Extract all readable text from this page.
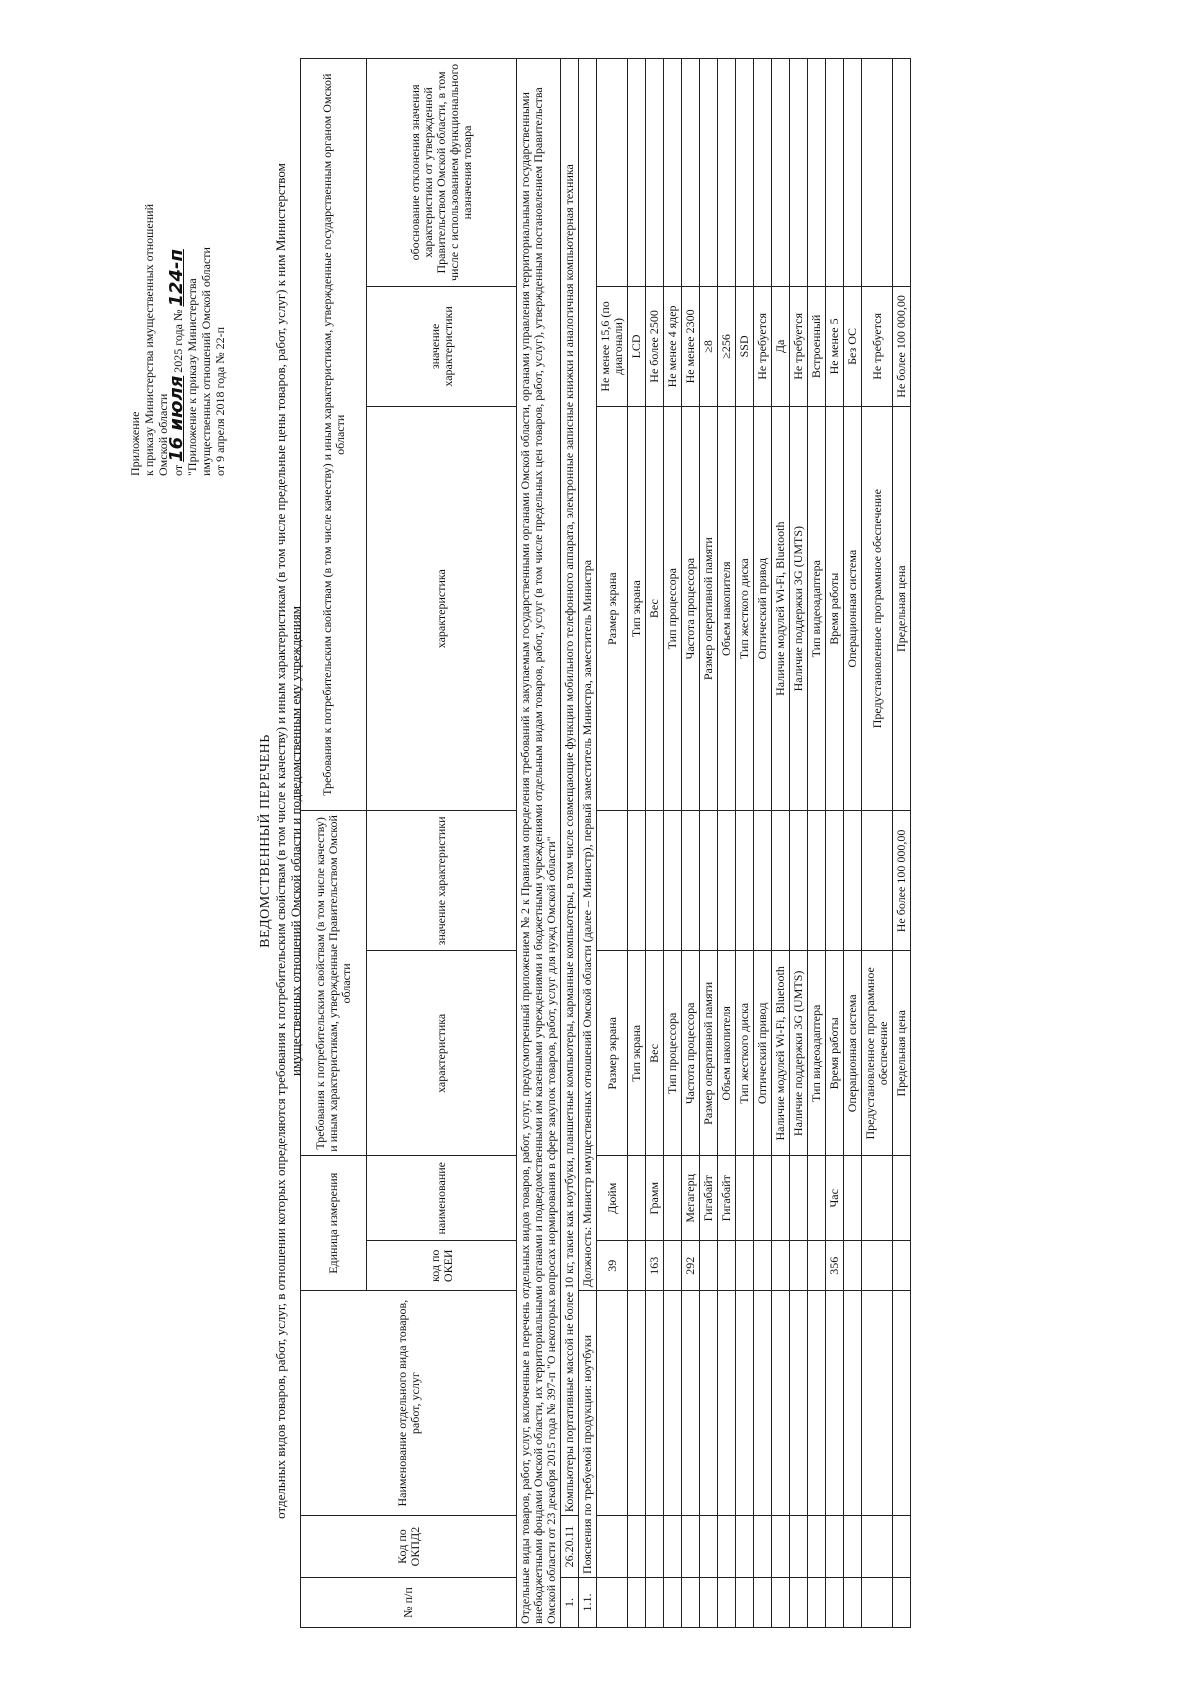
Приложение к приказу Министерства имущественных отношений Омской области от 16 июля 2025 года № 124-п
"Приложение к приказу Министерства имущественных отношений Омской области от 9 апреля 2018 года № 22-п
ВЕДОМСТВЕННЫЙ ПЕРЕЧЕНЬ отдельных видов товаров, работ, услуг, в отношении которых определяются требования к потребительским свойствам (в том числе к качеству) и иным характеристикам (в том числе предельные цены товаров, работ, услуг) к ним Министерством имущественных отношений Омской области и подведомственным ему учреждениям
№ п/п	Код по ОКПД2	Наименование отдельного вида товаров, работ, услуг	Единица измерения		Требования к потребительским свойствам (в том числе качеству) и иным характеристикам, утвержденные Правительством Омской области		Требования к потребительским свойствам (в том числе качеству) и иным характеристикам, утвержденные государственным органом Омской области		
			код по ОКЕИ	наименование	характеристика	значение характеристики	характеристика	значение характеристики	обоснование отклонения значения характеристики от утвержденной Правительством Омской области, в том числе с использованием функционального назначения товара
Отдельные виды товаров, работ, услуг, включенные в перечень отдельных видов товаров, работ, услуг, предусмотренный приложением № 2 к Правилам определения требований к закупаемым государственными органами Омской области, органами управления территориальными государственными внебюджетными фондами Омской области, их территориальными органами и подведомственными им казенными учреждениями и бюджетными учреждениями отдельным видам товаров, работ, услуг (в том числе предельных цен товаров, работ, услуг), утвержденным постановлением Правительства Омской области от 23 декабря 2015 года № 397-п "О некоторых вопросах нормирования в сфере закупок товаров, работ, услуг для нужд Омской области"									
1.	26.20.11	Компьютеры портативные массой не более 10 кг, такие как ноутбуки, планшетные компьютеры, карманные компьютеры, в том числе совмещающие функции мобильного телефонного аппарата, электронные записные книжки и аналогичная компьютерная техника							
1.1.	Пояснения по требуемой продукции: ноутбуки		Должность: Министр имущественных отношений Омской области (далее – Министр), первый заместитель Министра, заместитель Министра						
			39	Дюйм	Размер экрана		Размер экрана	Не менее 15,6 (по диагонали)	
					Тип экрана		Тип экрана	LCD	
			163	Грамм	Вес		Вес	Не более 2500	
					Тип процессора		Тип процессора	Не менее 4 ядер	
			292	Мегагерц	Частота процессора		Частота процессора	Не менее 2300	
				Гигабайт	Размер оперативной памяти		Размер оперативной памяти	≥8	
				Гигабайт	Объем накопителя		Объем накопителя	≥256	
					Тип жесткого диска		Тип жесткого диска	SSD	
					Оптический привод		Оптический привод	Не требуется	
					Наличие модулей Wi-Fi, Bluetooth		Наличие модулей Wi-Fi, Bluetooth	Да	
					Наличие поддержки 3G (UMTS)		Наличие поддержки 3G (UMTS)	Не требуется	
					Тип видеоадаптера		Тип видеоадаптера	Встроенный	
			356	Час	Время работы		Время работы	Не менее 5	
					Операционная система		Операционная система	Без ОС	
					Предустановленное программное обеспечение		Предустановленное программное обеспечение	Не требуется	
					Предельная цена	Не более 100 000,00	Предельная цена	Не более 100 000,00	
